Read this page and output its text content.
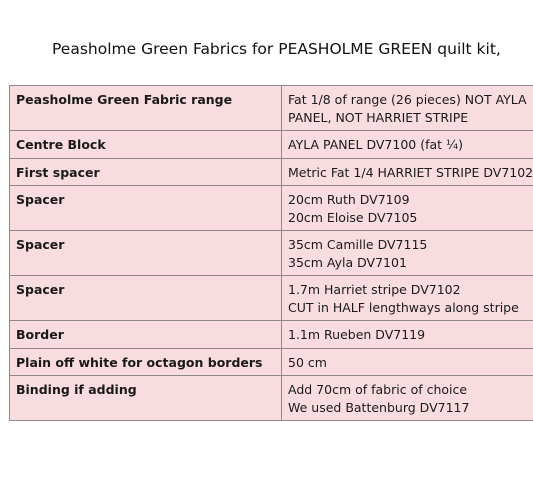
Peasholme Green Fabrics for PEASHOLME GREEN quilt kit,
Peasholme Green Fabric range	Fat 1/8 of range (26 pieces) NOT AYLA
PANEL, NOT HARRIET STRIPE

Centre Block	AYLA PANEL DV7100 (fat ¼)

First spacer	Metric Fat 1/4 HARRIET STRIPE DV7102

Spacer	20cm Ruth DV7109
20cm Eloise DV7105

Spacer	35cm Camille DV7115
35cm Ayla DV7101

Spacer	1.7m Harriet stripe DV7102
CUT in HALF lengthways along stripe

Border	1.1m Rueben DV7119

Plain off white for octagon borders	50 cm

Binding if adding	Add 70cm of fabric of choice
We used Battenburg DV7117
